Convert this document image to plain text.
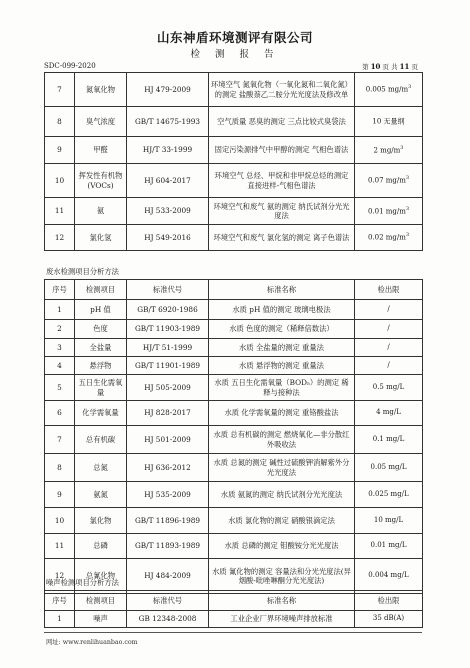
山东神盾环境测评有限公司
检 测 报 告
SDC-099-2020	第 10 页 共 11 页
7	氮氧化物	HJ 479-2009	环境空气 氮氧化物（一氧化氮和二氧化氮）的测定 盐酸萘乙二胺分光光度法及修改单	0.005 $mg/m^3$
8	臭气浓度	GB/T 14675-1993	空气质量 恶臭的测定 三点比较式臭袋法	10 无量纲
9	甲醛	HJ/T 33-1999	固定污染源排气中甲醇的测定 气相色谱法	2 $mg/m^3$
10	挥发性有机物(VOCs)	HJ 604-2017	环境空气 总烃、甲烷和非甲烷总烃的测定 直接进样-气相色谱法	0.07 $mg/m^3$
11	氨	HJ 533-2009	环境空气和废气 氨的测定 纳氏试剂分光光度法	0.01 $mg/m^3$
12	氯化氢	HJ 549-2016	环境空气和废气 氯化氢的测定 离子色谱法	0.02 $mg/m^3$
废水检测项目分析方法
序号	检测项目	标准代号	标准名称	检出限
1	pH 值	GB/T 6920-1986	水质 pH 值的测定 玻璃电极法	/
2	色度	GB/T 11903-1989	水质 色度的测定（稀释倍数法）	/
3	全盐量	HJ/T 51-1999	水质 全盐量的测定 重量法	/
4	悬浮物	GB/T 11901-1989	水质 悬浮物的测定 重量法	/
5	五日生化需氧量	HJ 505-2009	水质 五日生化需氧量（BOD₅）的测定 稀释与接种法	0.5 mg/L
6	化学需氧量	HJ 828-2017	水质 化学需氧量的测定 重铬酸盐法	4 mg/L
7	总有机碳	HJ 501-2009	水质 总有机碳的测定 燃烧氧化—非分散红外吸收法	0.1 mg/L
8	总氮	HJ 636-2012	水质 总氮的测定 碱性过硫酸钾消解紫外分光光度法	0.05 mg/L
9	氨氮	HJ 535-2009	水质 氨氮的测定 纳氏试剂分光光度法	0.025 mg/L
10	氯化物	GB/T 11896-1989	水质 氯化物的测定 硝酸银滴定法	10 mg/L
11	总磷	GB/T 11893-1989	水质 总磷的测定 钼酸铵分光光度法	0.01 mg/L
12	总氰化物	HJ 484-2009	水质 氰化物的测定 容量法和分光光度法(异烟酸-吡唑啉酮分光光度法)	0.004 mg/L
噪声检测项目分析方法
序号	检测项目	标准代号	标准名称	检出限
1	噪声	GB 12348-2008	工业企业厂界环境噪声排放标准	35 dB(A)
网址: www.renlihuanbao.com
